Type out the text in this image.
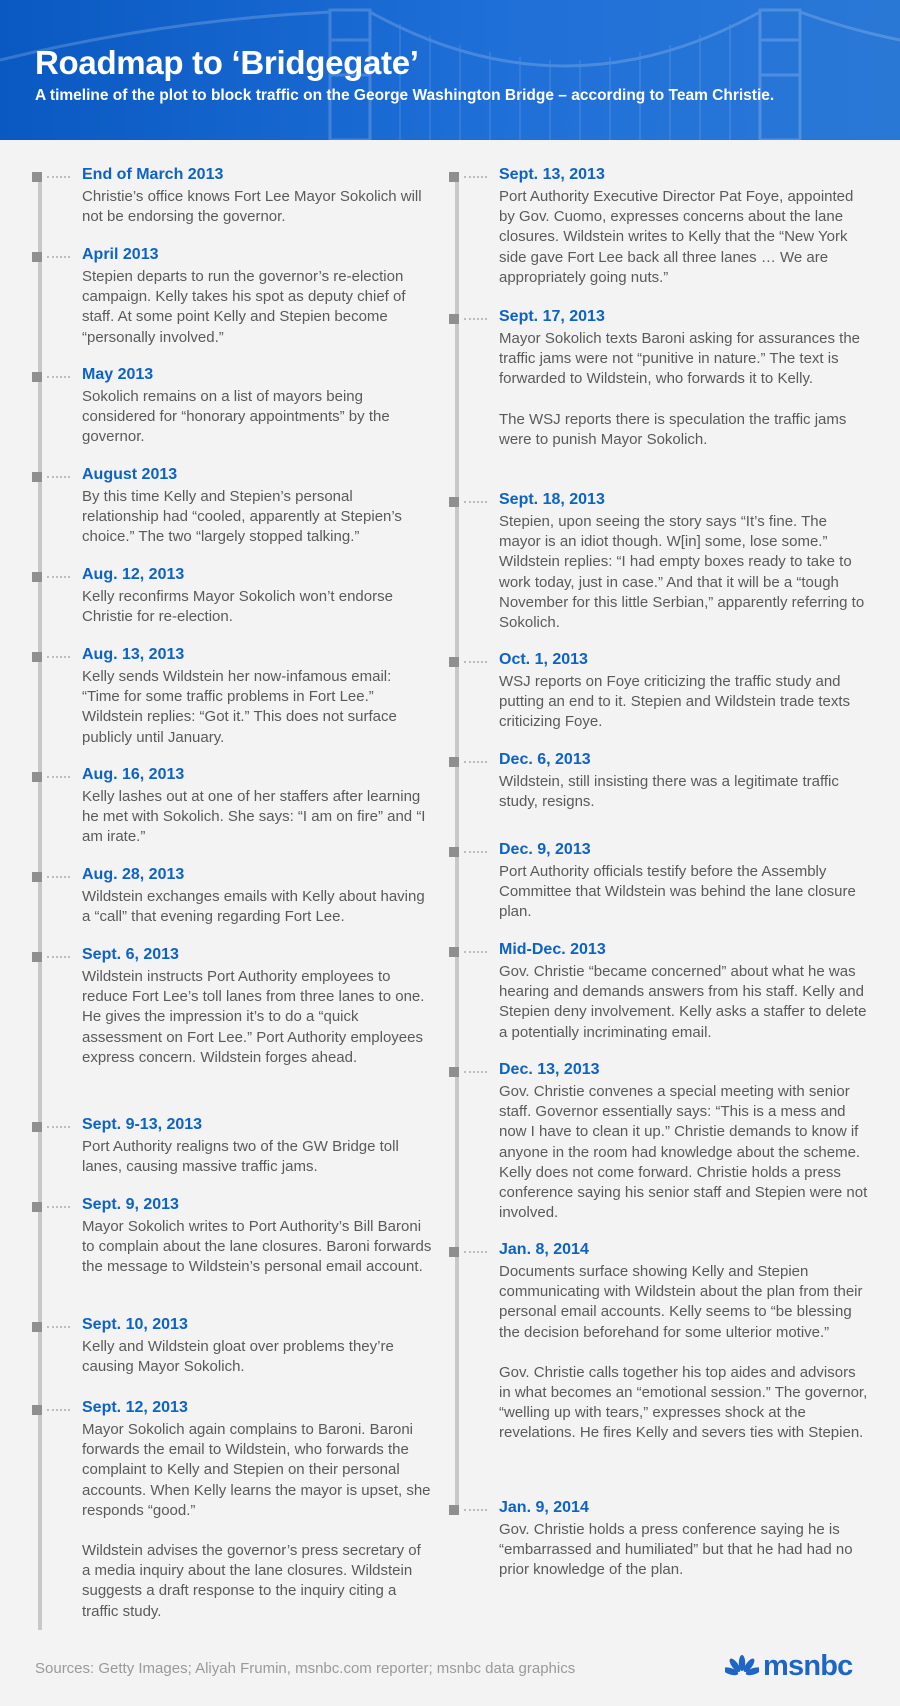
Roadmap to ‘Bridgegate’
A timeline of the plot to block traffic on the George Washington Bridge – according to Team Christie.
End of March 2013
Christie’s office knows Fort Lee Mayor Sokolich will not be endorsing the governor.
April 2013
Stepien departs to run the governor’s re-election campaign. Kelly takes his spot as deputy chief of staff. At some point Kelly and Stepien become “personally involved.”
May 2013
Sokolich remains on a list of mayors being considered for “honorary appointments” by the governor.
August 2013
By this time Kelly and Stepien’s personal relationship had “cooled, apparently at Stepien’s choice.” The two “largely stopped talking.”
Aug. 12, 2013
Kelly reconfirms Mayor Sokolich won’t endorse Christie for re-election.
Aug. 13, 2013
Kelly sends Wildstein her now-infamous email: “Time for some traffic problems in Fort Lee.” Wildstein replies: “Got it.” This does not surface publicly until January.
Aug. 16, 2013
Kelly lashes out at one of her staffers after learning he met with Sokolich. She says: “I am on fire” and “I am irate.”
Aug. 28, 2013
Wildstein exchanges emails with Kelly about having a “call” that evening regarding Fort Lee.
Sept. 6, 2013
Wildstein instructs Port Authority employees to reduce Fort Lee’s toll lanes from three lanes to one. He gives the impression it’s to do a “quick assessment on Fort Lee.” Port Authority employees express concern. Wildstein forges ahead.
Sept. 9-13, 2013
Port Authority realigns two of the GW Bridge toll lanes, causing massive traffic jams.
Sept. 9, 2013
Mayor Sokolich writes to Port Authority’s Bill Baroni to complain about the lane closures. Baroni forwards the message to Wildstein’s personal email account.
Sept. 10, 2013
Kelly and Wildstein gloat over problems they’re causing Mayor Sokolich.
Sept. 12, 2013
Mayor Sokolich again complains to Baroni. Baroni forwards the email to Wildstein, who forwards the complaint to Kelly and Stepien on their personal accounts. When Kelly learns the mayor is upset, she responds “good.”
Wildstein advises the governor’s press secretary of a media inquiry about the lane closures. Wildstein suggests a draft response to the inquiry citing a traffic study.
Sept. 13, 2013
Port Authority Executive Director Pat Foye, appointed by Gov. Cuomo, expresses concerns about the lane closures. Wildstein writes to Kelly that the “New York side gave Fort Lee back all three lanes … We are appropriately going nuts.”
Sept. 17, 2013
Mayor Sokolich texts Baroni asking for assurances the traffic jams were not “punitive in nature.” The text is forwarded to Wildstein, who forwards it to Kelly.
The WSJ reports there is speculation the traffic jams were to punish Mayor Sokolich.
Sept. 18, 2013
Stepien, upon seeing the story says “It’s fine. The mayor is an idiot though. W[in] some, lose some.” Wildstein replies: “I had empty boxes ready to take to work today, just in case.” And that it will be a “tough November for this little Serbian,” apparently referring to Sokolich.
Oct. 1, 2013
WSJ reports on Foye criticizing the traffic study and putting an end to it. Stepien and Wildstein trade texts criticizing Foye.
Dec. 6, 2013
Wildstein, still insisting there was a legitimate traffic study, resigns.
Dec. 9, 2013
Port Authority officials testify before the Assembly Committee that Wildstein was behind the lane closure plan.
Mid-Dec. 2013
Gov. Christie “became concerned” about what he was hearing and demands answers from his staff. Kelly and Stepien deny involvement. Kelly asks a staffer to delete a potentially incriminating email.
Dec. 13, 2013
Gov. Christie convenes a special meeting with senior staff. Governor essentially says: “This is a mess and now I have to clean it up.” Christie demands to know if anyone in the room had knowledge about the scheme. Kelly does not come forward. Christie holds a press conference saying his senior staff and Stepien were not involved.
Jan. 8, 2014
Documents surface showing Kelly and Stepien communicating with Wildstein about the plan from their personal email accounts. Kelly seems to “be blessing the decision beforehand for some ulterior motive.”
Gov. Christie calls together his top aides and advisors in what becomes an “emotional session.” The governor, “welling up with tears,” expresses shock at the revelations. He fires Kelly and severs ties with Stepien.
Jan. 9, 2014
Gov. Christie holds a press conference saying he is “embarrassed and humiliated” but that he had had no prior knowledge of the plan.
Sources: Getty Images; Aliyah Frumin, msnbc.com reporter; msnbc data graphics	msnbc
